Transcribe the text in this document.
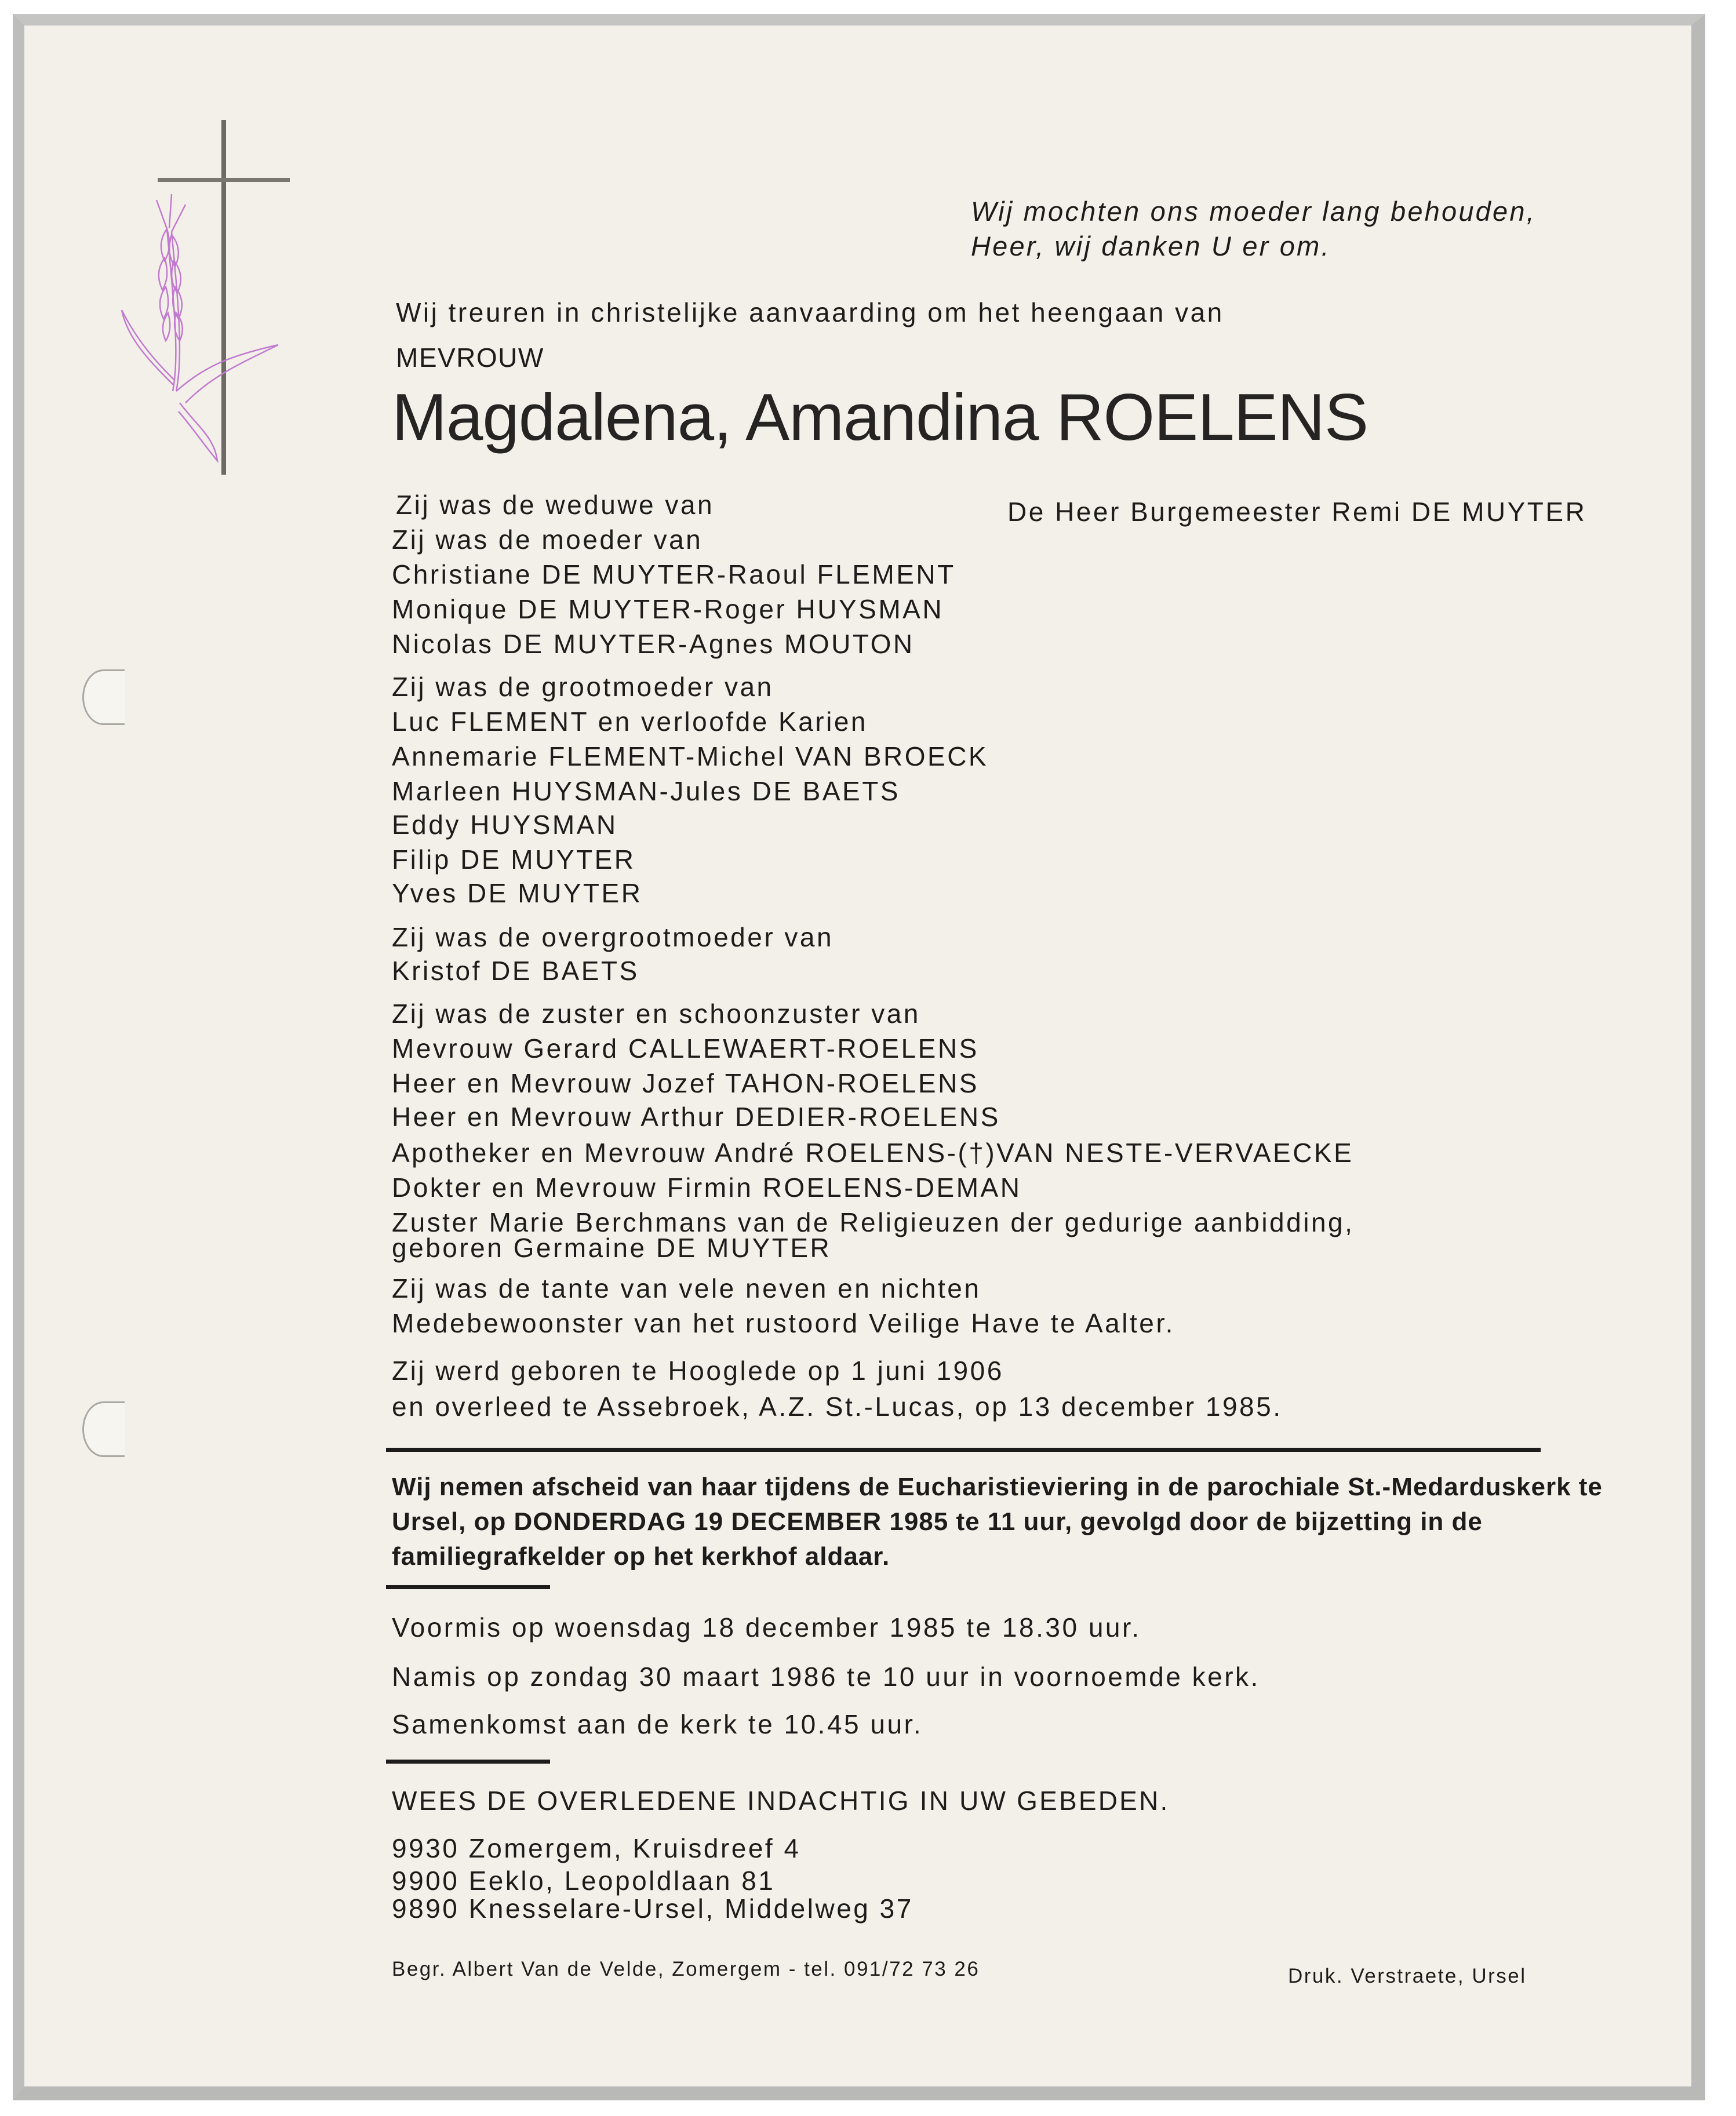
Wij mochten ons moeder lang behouden,
Heer, wij danken U er om.
Wij treuren in christelijke aanvaarding om het heengaan van
MEVROUW
Magdalena, Amandina ROELENS
Zij was de weduwe van	De Heer Burgemeester Remi DE MUYTER
Zij was de moeder van
Christiane DE MUYTER-Raoul FLEMENT
Monique DE MUYTER-Roger HUYSMAN
Nicolas DE MUYTER-Agnes MOUTON
Zij was de grootmoeder van
Luc FLEMENT en verloofde Karien
Annemarie FLEMENT-Michel VAN BROECK
Marleen HUYSMAN-Jules DE BAETS
Eddy HUYSMAN
Filip DE MUYTER
Yves DE MUYTER
Zij was de overgrootmoeder van
Kristof DE BAETS
Zij was de zuster en schoonzuster van
Mevrouw Gerard CALLEWAERT-ROELENS
Heer en Mevrouw Jozef TAHON-ROELENS
Heer en Mevrouw Arthur DEDIER-ROELENS
Apotheker en Mevrouw André ROELENS-(†)VAN NESTE-VERVAECKE
Dokter en Mevrouw Firmin ROELENS-DEMAN
Zuster Marie Berchmans van de Religieuzen der gedurige aanbidding,
geboren Germaine DE MUYTER
Zij was de tante van vele neven en nichten
Medebewoonster van het rustoord Veilige Have te Aalter.
Zij werd geboren te Hooglede op 1 juni 1906
en overleed te Assebroek, A.Z. St.-Lucas, op 13 december 1985.
Wij nemen afscheid van haar tijdens de Eucharistieviering in de parochiale St.-Medarduskerk te Ursel, op DONDERDAG 19 DECEMBER 1985 te 11 uur, gevolgd door de bijzetting in de familiegrafkelder op het kerkhof aldaar.
Voormis op woensdag 18 december 1985 te 18.30 uur.
Namis op zondag 30 maart 1986 te 10 uur in voornoemde kerk.
Samenkomst aan de kerk te 10.45 uur.
WEES DE OVERLEDENE INDACHTIG IN UW GEBEDEN.
9930 Zomergem, Kruisdreef 4
9900 Eeklo, Leopoldlaan 81
9890 Knesselare-Ursel, Middelweg 37
Begr. Albert Van de Velde, Zomergem - tel. 091/72 73 26	Druk. Verstraete, Ursel
